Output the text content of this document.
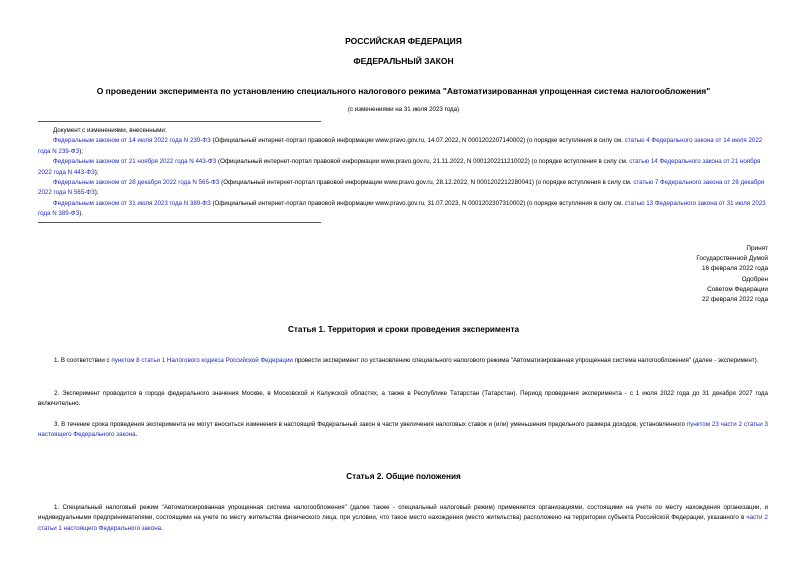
РОССИЙСКАЯ ФЕДЕРАЦИЯ
ФЕДЕРАЛЬНЫЙ ЗАКОН
О проведении эксперимента по установлению специального налогового режима "Автоматизированная упрощенная система налогообложения"
(с изменениями на 31 июля 2023 года)
Документ с изменениями, внесенными:
Федеральным законом от 14 июля 2022 года N 239-ФЗ (Официальный интернет-портал правовой информации www.pravo.gov.ru, 14.07.2022, N 0001202207140002) (о порядке вступления в силу см. статью 4 Федерального закона от 14 июля 2022 года N 239-ФЗ);
Федеральным законом от 21 ноября 2022 года N 443-ФЗ (Официальный интернет-портал правовой информации www.pravo.gov.ru, 21.11.2022, N 0001202211210022) (о порядке вступления в силу см. статью 14 Федерального закона от 21 ноября 2022 года N 443-ФЗ);
Федеральным законом от 28 декабря 2022 года N 565-ФЗ (Официальный интернет-портал правовой информации www.pravo.gov.ru, 28.12.2022, N 0001202212280041) (о порядке вступления в силу см. статью 7 Федерального закона от 28 декабря 2022 года N 565-ФЗ);
Федеральным законом от 31 июля 2023 года N 389-ФЗ (Официальный интернет-портал правовой информации www.pravo.gov.ru, 31.07.2023, N 0001202307310002) (о порядке вступления в силу см. статью 13 Федерального закона от 31 июля 2023 года N 389-ФЗ).
Принят
Государственной Думой
16 февраля 2022 года
Одобрен
Советом Федерации
22 февраля 2022 года
Статья 1. Территория и сроки проведения эксперимента
1. В соответствии с пунктом 8 статьи 1 Налогового кодекса Российской Федерации провести эксперимент по установлению специального налогового режима "Автоматизированная упрощенная система налогообложения" (далее - эксперимент).
2. Эксперимент проводится в городе федерального значения Москве, в Московской и Калужской областях, а также в Республике Татарстан (Татарстан). Период проведения эксперимента - с 1 июля 2022 года до 31 декабря 2027 года включительно.
3. В течение срока проведения эксперимента не могут вноситься изменения в настоящий Федеральный закон в части увеличения налоговых ставок и (или) уменьшения предельного размера доходов, установленного пунктом 23 части 2 статьи 3 настоящего Федерального закона.
Статья 2. Общие положения
1. Специальный налоговый режим "Автоматизированная упрощенная система налогообложения" (далее также - специальный налоговый режим) применяется организациями, состоящими на учете по месту нахождения организации, и индивидуальными предпринимателями, состоящими на учете по месту жительства физического лица, при условии, что такое место нахождения (место жительства) расположено на территории субъекта Российской Федерации, указанного в части 2 статьи 1 настоящего Федерального закона.
